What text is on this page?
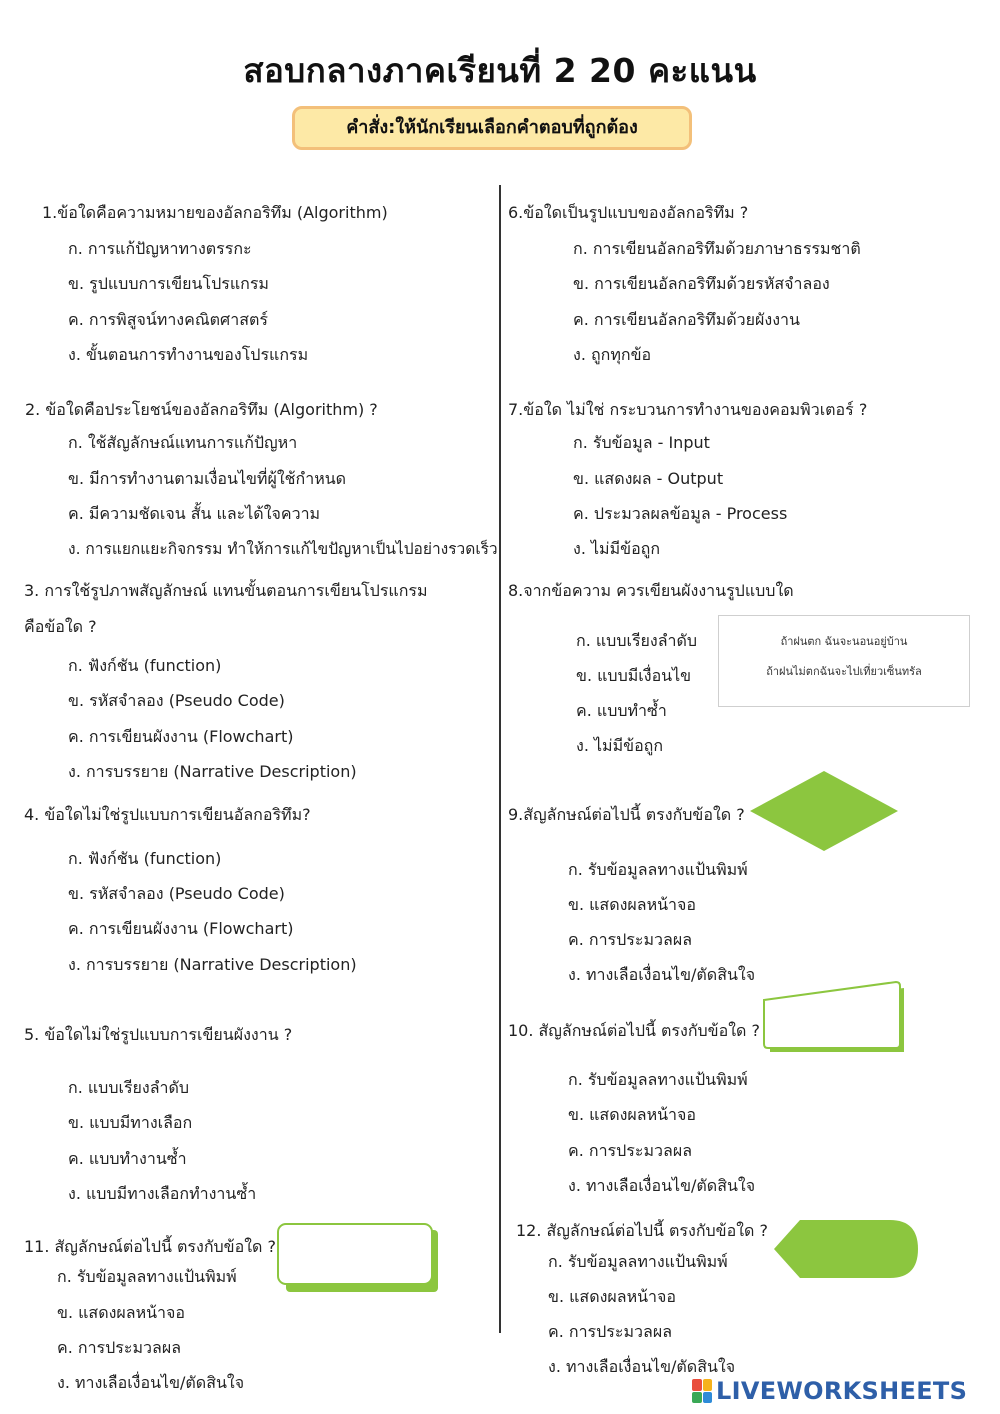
สอบกลางภาคเรียนที่ 2 20 คะแนน
คำสั่ง:ให้นักเรียนเลือกคำตอบที่ถูกต้อง
1.ข้อใดคือความหมายของอัลกอริทึม (Algorithm)
ก. การแก้ปัญหาทางตรรกะ
ข. รูปแบบการเขียนโปรแกรม
ค. การพิสูจน์ทางคณิตศาสตร์
ง. ขั้นตอนการทำงานของโปรแกรม
2. ข้อใดคือประโยชน์ของอัลกอริทึม (Algorithm) ?
ก. ใช้สัญลักษณ์แทนการแก้ปัญหา
ข. มีการทำงานตามเงื่อนไขที่ผู้ใช้กำหนด
ค. มีความชัดเจน สั้น และได้ใจความ
ง. การแยกแยะกิจกรรม ทำให้การแก้ไขปัญหาเป็นไปอย่างรวดเร็ว
3. การใช้รูปภาพสัญลักษณ์ แทนขั้นตอนการเขียนโปรแกรม
คือข้อใด ?
ก. ฟังก์ชัน (function)
ข. รหัสจำลอง (Pseudo Code)
ค. การเขียนผังงาน (Flowchart)
ง. การบรรยาย (Narrative Description)
4. ข้อใดไม่ใช่รูปแบบการเขียนอัลกอริทึม?
ก. ฟังก์ชัน (function)
ข. รหัสจำลอง (Pseudo Code)
ค. การเขียนผังงาน (Flowchart)
ง. การบรรยาย (Narrative Description)
5. ข้อใดไม่ใช่รูปแบบการเขียนผังงาน ?
ก. แบบเรียงลำดับ
ข. แบบมีทางเลือก
ค. แบบทำงานซ้ำ
ง. แบบมีทางเลือกทำงานซ้ำ
11. สัญลักษณ์ต่อไปนี้ ตรงกับข้อใด ?
ก. รับข้อมูลลทางแป้นพิมพ์
ข. แสดงผลหน้าจอ
ค. การประมวลผล
ง. ทางเลือเงื่อนไข/ตัดสินใจ
6.ข้อใดเป็นรูปแบบของอัลกอริทึม ?
ก. การเขียนอัลกอริทึมด้วยภาษาธรรมชาติ
ข. การเขียนอัลกอริทึมด้วยรหัสจำลอง
ค. การเขียนอัลกอริทึมด้วยผังงาน
ง. ถูกทุกข้อ
7.ข้อใด ไม่ใช่ กระบวนการทำงานของคอมพิวเตอร์ ?
ก. รับข้อมูล - Input
ข. แสดงผล - Output
ค. ประมวลผลข้อมูล - Process
ง. ไม่มีข้อถูก
8.จากข้อความ ควรเขียนผังงานรูปแบบใด
ก. แบบเรียงลำดับ
ข. แบบมีเงื่อนไข
ค. แบบทำซ้ำ
ง. ไม่มีข้อถูก
ถ้าฝนตก ฉันจะนอนอยู่บ้าน
ถ้าฝนไม่ตกฉันจะไปเที่ยวเซ็นทรัล
9.สัญลักษณ์ต่อไปนี้ ตรงกับข้อใด ?
ก. รับข้อมูลลทางแป้นพิมพ์
ข. แสดงผลหน้าจอ
ค. การประมวลผล
ง. ทางเลือเงื่อนไข/ตัดสินใจ
10. สัญลักษณ์ต่อไปนี้ ตรงกับข้อใด ?
ก. รับข้อมูลลทางแป้นพิมพ์
ข. แสดงผลหน้าจอ
ค. การประมวลผล
ง. ทางเลือเงื่อนไข/ตัดสินใจ
12. สัญลักษณ์ต่อไปนี้ ตรงกับข้อใด ?
ก. รับข้อมูลลทางแป้นพิมพ์
ข. แสดงผลหน้าจอ
ค. การประมวลผล
ง. ทางเลือเงื่อนไข/ตัดสินใจ
LIVEWORKSHEETS
